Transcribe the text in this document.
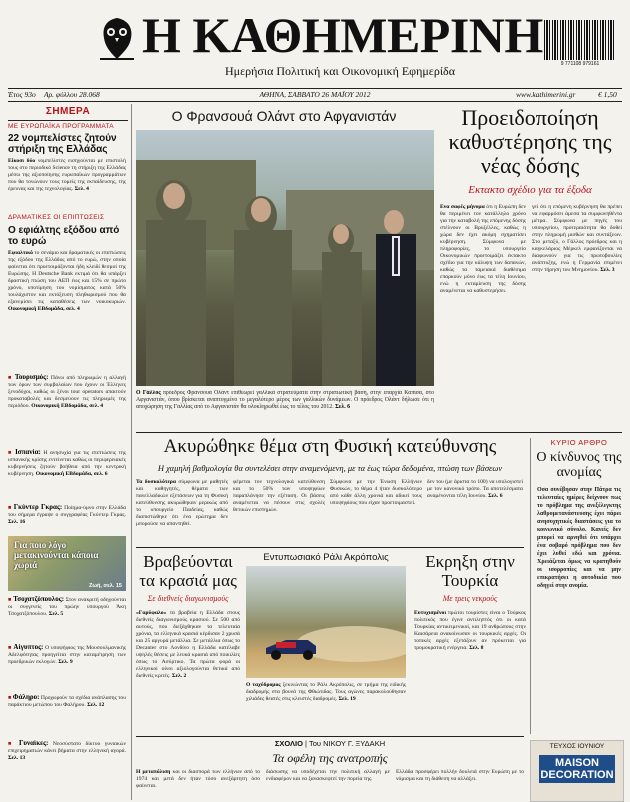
Η ΚΑΘΗΜΕΡΙΝΗ
Ημερήσια Πολιτική και Οικονομική Εφημερίδα	9 771108 979161
Έτος 93ο Αρ. φύλλου 28.068	ΑΘΗΝΑ, ΣΑΒΒΑΤΟ 26 ΜΑΪΟΥ 2012	www.kathimerini.gr	€ 1,50
ΣΗΜΕΡΑ
ΜΕ ΕΥΡΩΠΑΪΚΑ ΠΡΟΓΡΑΜΜΑΤΑ
22 νομπελίστες ζητούν στήριξη της Ελλάδας
Είκοσι δύο νομπελίστες εισηγούνται με επιστολή τους στο περιοδικό Science τη στήριξη της Ελλάδας μέσω της αξιοποίησης ευρωπαϊκών προγραμμάτων που θα τονώνουν τους τομείς της εκπαίδευσης, της έρευνας και της τεχνολογίας. Σελ. 4
ΔΡΑΜΑΤΙΚΕΣ ΟΙ ΕΠΙΠΤΩΣΕΙΣ
Ο εφιάλτης εξόδου από το ευρώ
Εφιαλτικό το σενάριο και δραματικές οι επιπτώσεις της εξόδου της Ελλάδος από το ευρώ, στην οποία φαίνεται ότι προετοιμάζονται ήδη κλειδί θεσμοί της Ευρώπης. Η Deutsche Bank εκτιμά ότι θα υπάρξει δραστική πτώση του ΑΕΠ έως και 15% σε πρώτο χρόνο, υποτίμηση του νομίσματος κατά 50% τουλάχιστον και εκτόξευση πληθωρισμού που θα εξανεμίσει τις καταθέσεις των νοικοκυριών. Οικονομική ΕΒδομάδα, σελ. 4
■ Τουρισμός: Πάνω από πληρωμών η αλλαγή των όρων των συμβολαίων που έχουν οι Έλληνες ξενοδόχοι, καθώς οι ξένοι tour operators απαιτούν προκαταβολές και δεσμεύουν τις πληρωμές της περιόδου. Οικονομική ΕΒδομάδα, σελ. 4
■ Ισπανία: Η ανησυχία για τις επιπτώσεις της ισπανικής κρίσης εντείνεται καθώς οι περιφερειακές κυβερνήσεις ζητούν βοήθεια από την κεντρική κυβέρνηση. Οικονομική ΕΒδομάδα, σελ. 6
■ Γκύντερ Γκρας: Ποίημα-ύμνο στην Ελλάδα του σήμερα έγραψε ο συγγραφέας Γκύντερ Γκρας. Σελ. 16
Για ποιο λόγο μετακινούνται κάποια χωριά
Ζωή, σελ. 15
■ Τσοχατζόπουλος: Στον ανακριτή οδηγούνται οι συγγενείς του πρώην υπουργού Άκη Τσοχατζόπουλου. Σελ. 5
■ Αίγυπτος: Ο υποψήφιος της Μουσουλμανικής Αδελφότητας προηγείται στην καταμέτρηση των προεδρικών εκλογών. Σελ. 9
■ Φάληρο: Προχωρούν τα σχέδια ανάπλασης του παράκτιου μετώπου του Φαλήρου. Σελ. 12
■ Γυναίκες: Νεοσύστατο δίκτυο γυναικών επιχειρηματιών κάνει βήματα στην ελληνική αγορά. Σελ. 13
Ο Φρανσουά Ολάντ στο Αφγανιστάν
Ο Γάλλος πρόεδρος Φρανσουά Ολάντ επιθεωρεί γαλλικά στρατεύματα στην στρατιωτική βάση, στην επαρχία Καπίσα, στο Αφγανιστάν, όπου βρίσκεται αναπτυγμένο το μεγαλύτερο μέρος των γαλλικών δυνάμεων. Ο πρόεδρος Ολάντ δήλωσε ότι η αποχώρηση της Γαλλίας από το Αφγανιστάν θα ολοκληρωθεί έως το τέλος του 2012. Σελ. 6
Προειδοποίηση καθυστέρησης της νέας δόσης
Εκτακτο σχέδιο για τα έξοδα
Ενα σαφές μήνυμα ότι η Ευρώπη δεν θα περιμένει τον κατάλληλο χρόνο για την καταβολή της επόμενης δόσης στέλνουν οι Βρυξέλλες, καθώς η χώρα δεν έχει ακόμη σχηματίσει κυβέρνηση. Σύμφωνα με πληροφορίες, το υπουργείο Οικονομικών προετοιμάζει έκτακτο σχέδιο για την κάλυψη των δαπανών, καθώς τα ταμειακά διαθέσιμα επαρκούν μόνο έως τα τέλη Ιουνίου, ενώ η εκταμίευση της δόσης αναμένεται να καθυστερήσει.
γεί ότι η επόμενη κυβέρνηση θα πρέπει να εφαρμόσει άμεσα τα συμφωνηθέντα μέτρα. Σύμφωνα με πηγές του υπουργείου, προτεραιότητα θα δοθεί στην πληρωμή μισθών και συντάξεων. Στο μεταξύ, ο Γάλλος πρόεδρος και η καγκελάριος Μέρκελ εμφανίζονται να διαφωνούν για τις πρωτοβουλίες ανάπτυξης, ενώ η Γερμανία επιμένει στην τήρηση του Μνημονίου. Σελ. 3
Ακυρώθηκε θέμα στη Φυσική κατεύθυνσης
Η χαμηλή βαθμολογία θα συντελέσει στην αναμενόμενη, με τα έως τώρα δεδομένα, πτώση των βάσεων
Τα δυσκολότερα σύμφωνα με μαθητές και καθηγητές, θέματα των πανελλαδικών εξετάσεων για τη Φυσική κατεύθυνσης ακυρώθηκαν μερικώς από το υπουργείο Παιδείας, καθώς διαπιστώθηκε ότι ένα ερώτημα δεν μπορούσε να απαντηθεί.
φέρεται τον τεχνολογικά κατεύθυνση και το 50% των υποψηφίων παραπλάνησε την εξέταση. Οι βάσεις αναμένεται να πέσουν στις σχολές θετικών επιστημών.
Σύμφωνα με την Ένωση Ελλήνων Φυσικών, το θέμα 4 ήταν δυσκολότερο από κάθε άλλη χρονιά και αδικεί τους υποψηφίους που είχαν προετοιμαστεί.
δεν του (με άριστα το 100) να υπολογιστεί με τον κανονικό τρόπο. Τα αποτελέσματα αναμένονται τέλη Ιουνίου. Σελ. 6
Βραβεύονται τα κρασιά μας
Σε διεθνείς διαγωνισμούς
«Γαρύφαλο» τα βραβεία η Ελλάδα στους διεθνείς διαγωνισμούς κρασιού. Σε 500 από αυτούς, που διεξάχθηκαν τα τελευταία χρόνια, τα ελληνικά κρασιά κέρδισαν 2 χρυσά και 25 αργυρά μετάλλια. Σε μετάλλια όπως το Decanter στο Λονδίνο η Ελλάδα κατέλαβε υψηλές θέσεις με λευκά κρασιά από ποικιλίες όπως το Ασύρτικο. Τα πρώτα φορά οι ελληνικοί οίνοι αξιολογούνται θετικά από διεθνείς κριτές. Σελ. 2
Εντυπωσιακό Ράλι Ακρόπολις
Ο ταχύδρομος ξεκινώντας το Ράλι Ακρόπολις, σε τμήμα της ειδικής διαδρομής στα βουνά της Φθιώτιδας. Τους αγώνες παρακολούθησαν χιλιάδες θεατές στις κλειστές διαδρομές. Σελ. 19
Εκρηξη στην Τουρκία
Με τρεις νεκρούς
Ευτυχισμένοι πρώτοι τουρίστες είναι ο Τούρκος πολιτικός που έγινε αντιληπτός ότι οι κατά Τουρκίας αντικειμενικοί, και 19 ανθρώπους στην Καισάρεια ανακοίνωσαν οι τουρκικές αρχές. Οι τοπικές αρχές εξετάζουν αν πρόκειται για τρομοκρατική ενέργεια. Σελ. 8
ΚΥΡΙΟ ΑΡΘΡΟ
Ο κίνδυνος της ανομίας
Οσα συνέβησαν στην Πάτρα τις τελευταίες ημέρες δείχνουν πως το πρόβλημα της ανεξέλεγκτης λαθρομετανάστευσης έχει πάρει ανησυχητικές διαστάσεις για το κοινωνικό σύνολο. Κανείς δεν μπορεί να αρνηθεί ότι υπάρχει ένα σοβαρό πρόβλημα που δεν έχει λυθεί εδώ και χρόνια. Χρειάζεται όμως να κρατηθούν οι ισορροπίες και να μην επικρατήσει η αυτοδικία που οδηγεί στην ανομία.
ΣΧΟΛΙΟ | Του ΝΙΚΟΥ Γ. ΞΥΔΑΚΗ
Τα οφέλη της ανατροπής
Η μεταπόλιση και οι διασπορά των ελλήνων από το 1974 και μετά δεν ήταν τόσο ανεξάρτητη όσο φαίνεται.
διάσωσης να υποδέχεται την πολιτική αλλαγή με ενδιαφέρον και να ξανασκεφτεί την πορεία της.
Ελλάδα προσφέρει πολλήν δουλειά στην Ευρώπη με το νόμισμα και τη διάθεση να αλλάξει.
ΤΕΥΧΟΣ ΙΟΥΝΙΟΥ
MAISON DECORATION
